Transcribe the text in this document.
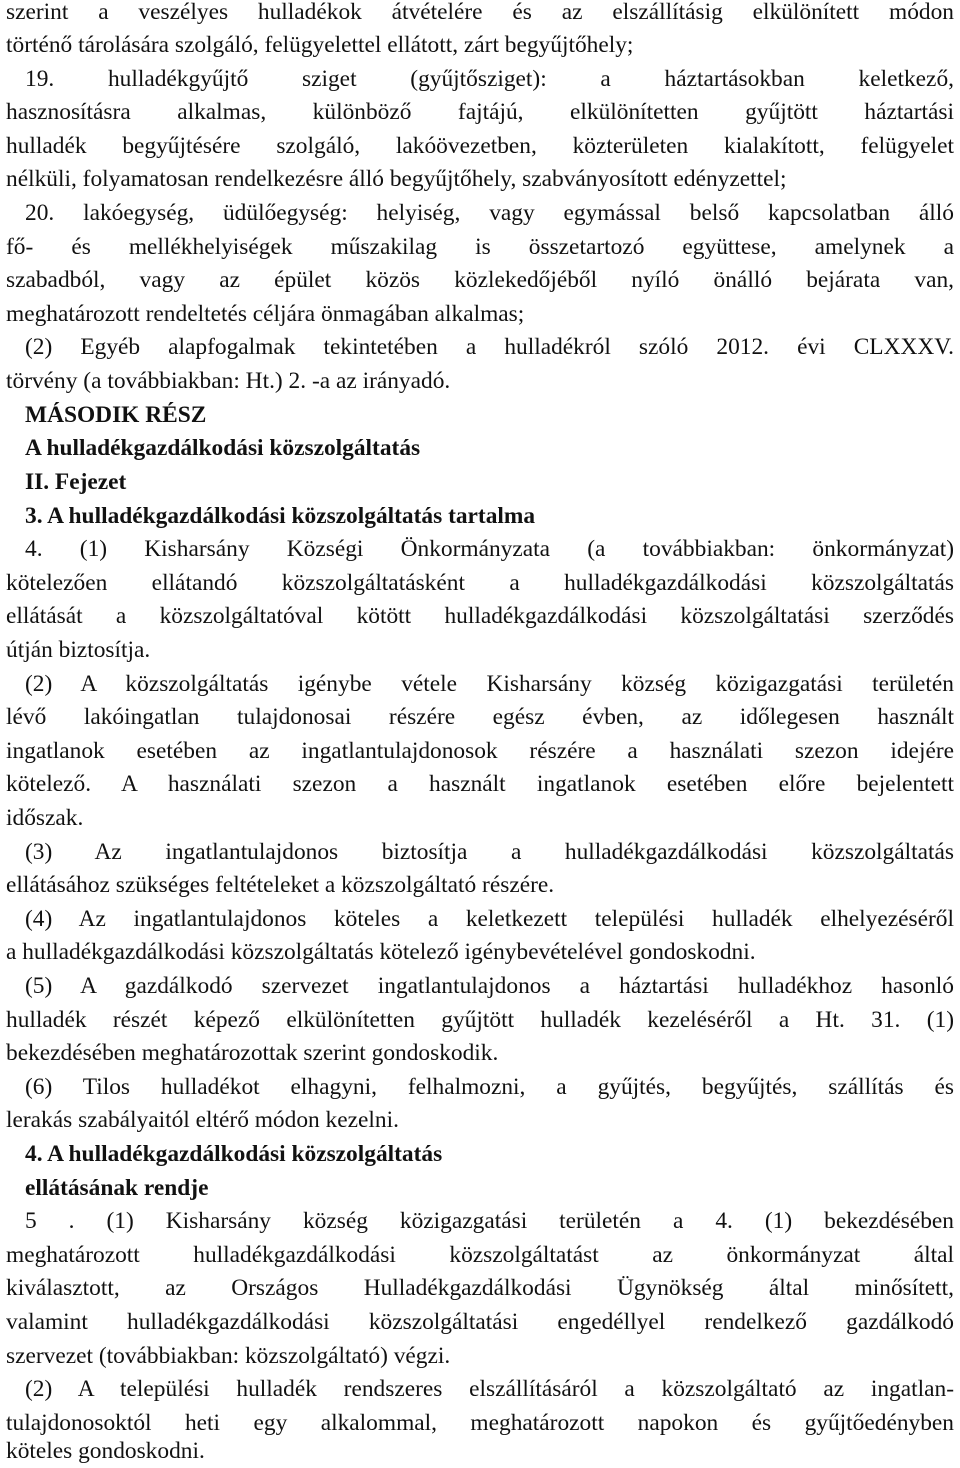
szerint a veszélyes hulladékok átvételére és az elszállításig elkülönített módon
történő tárolására szolgáló, felügyelettel ellátott, zárt begyűjtőhely;
19. hulladékgyűjtő sziget (gyűjtősziget): a háztartásokban keletkező,
hasznosításra alkalmas, különböző fajtájú, elkülönítetten gyűjtött háztartási
hulladék begyűjtésére szolgáló, lakóövezetben, közterületen kialakított, felügyelet
nélküli, folyamatosan rendelkezésre álló begyűjtőhely, szabványosított edényzettel;
20. lakóegység, üdülőegység: helyiség, vagy egymással belső kapcsolatban álló
fő- és mellékhelyiségek műszakilag is összetartozó együttese, amelynek a
szabadból, vagy az épület közös közlekedőjéből nyíló önálló bejárata van,
meghatározott rendeltetés céljára önmagában alkalmas;
(2) Egyéb alapfogalmak tekintetében a hulladékról szóló 2012. évi CLXXXV.
törvény (a továbbiakban: Ht.) 2. -a az irányadó.
MÁSODIK RÉSZ
A hulladékgazdálkodási közszolgáltatás
II. Fejezet
3. A hulladékgazdálkodási közszolgáltatás tartalma
4. (1) Kisharsány Községi Önkormányzata (a továbbiakban: önkormányzat)
kötelezően ellátandó közszolgáltatásként a hulladékgazdálkodási közszolgáltatás
ellátását a közszolgáltatóval kötött hulladékgazdálkodási közszolgáltatási szerződés
útján biztosítja.
(2) A közszolgáltatás igénybe vétele Kisharsány község közigazgatási területén
lévő lakóingatlan tulajdonosai részére egész évben, az időlegesen használt
ingatlanok esetében az ingatlantulajdonosok részére a használati szezon idejére
kötelező. A használati szezon a használt ingatlanok esetében előre bejelentett
időszak.
(3) Az ingatlantulajdonos biztosítja a hulladékgazdálkodási közszolgáltatás
ellátásához szükséges feltételeket a közszolgáltató részére.
(4) Az ingatlantulajdonos köteles a keletkezett települési hulladék elhelyezéséről
a hulladékgazdálkodási közszolgáltatás kötelező igénybevételével gondoskodni.
(5) A gazdálkodó szervezet ingatlantulajdonos a háztartási hulladékhoz hasonló
hulladék részét képező elkülönítetten gyűjtött hulladék kezeléséről a Ht. 31. (1)
bekezdésében meghatározottak szerint gondoskodik.
(6) Tilos hulladékot elhagyni, felhalmozni, a gyűjtés, begyűjtés, szállítás és
lerakás szabályaitól eltérő módon kezelni.
4. A hulladékgazdálkodási közszolgáltatás
ellátásának rendje
5 . (1) Kisharsány község közigazgatási területén a 4. (1) bekezdésében
meghatározott hulladékgazdálkodási közszolgáltatást az önkormányzat által
kiválasztott, az Országos Hulladékgazdálkodási Ügynökség által minősített,
valamint hulladékgazdálkodási közszolgáltatási engedéllyel rendelkező gazdálkodó
szervezet (továbbiakban: közszolgáltató) végzi.
(2) A települési hulladék rendszeres elszállításáról a közszolgáltató az ingatlan-
tulajdonosoktól heti egy alkalommal, meghatározott napokon és gyűjtőedényben
köteles gondoskodni.
